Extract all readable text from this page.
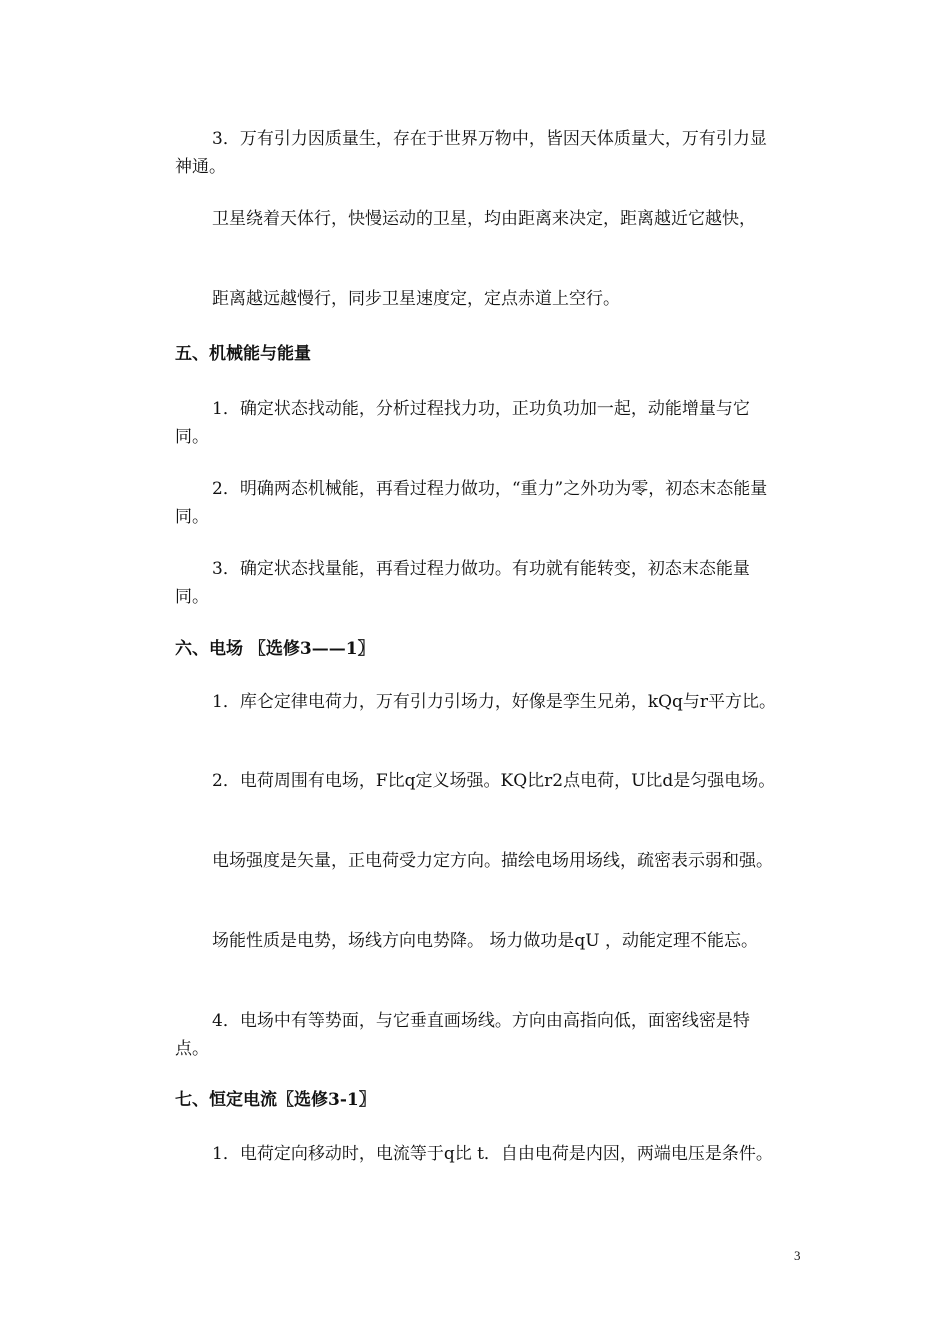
3．万有引力因质量生，存在于世界万物中，皆因天体质量大，万有引力显神通。

卫星绕着天体行，快慢运动的卫星，均由距离来决定，距离越近它越快，

距离越远越慢行，同步卫星速度定，定点赤道上空行。

五、机械能与能量

1．确定状态找动能，分析过程找力功，正功负功加一起，动能增量与它同。

2．明确两态机械能，再看过程力做功，“重力”之外功为零，初态末态能量同。

3．确定状态找量能，再看过程力做功。有功就有能转变，初态末态能量同。

六、电场 〖选修3——1〗

1．库仑定律电荷力，万有引力引场力，好像是孪生兄弟，kQq与r平方比。

2．电荷周围有电场，F比q定义场强。KQ比r2点电荷，U比d是匀强电场。

电场强度是矢量，正电荷受力定方向。描绘电场用场线，疏密表示弱和强。

场能性质是电势，场线方向电势降。 场力做功是qU ，动能定理不能忘。

4．电场中有等势面，与它垂直画场线。方向由高指向低，面密线密是特点。

七、恒定电流〖选修3-1〗

1．电荷定向移动时，电流等于q比 t．自由电荷是内因，两端电压是条件。

3
